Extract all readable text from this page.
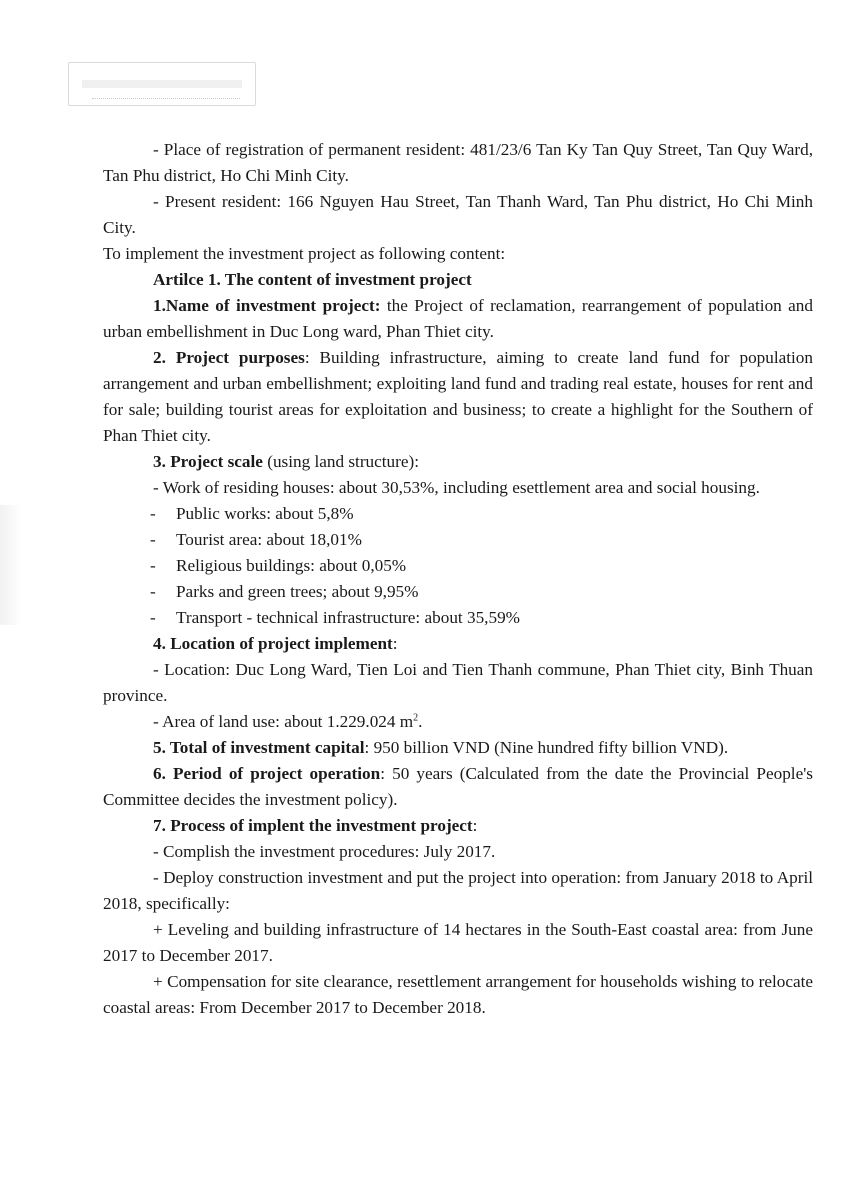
- Place of registration of permanent resident: 481/23/6 Tan Ky Tan Quy Street, Tan Quy Ward, Tan Phu district, Ho Chi Minh City.

- Present resident: 166 Nguyen Hau Street, Tan Thanh Ward, Tan Phu district, Ho Chi Minh City.

To implement the investment project as following content:

Artilce 1. The content of investment project

1.Name of investment project: the Project of reclamation, rearrangement of population and urban embellishment in Duc Long ward, Phan Thiet city.

2. Project purposes: Building infrastructure, aiming to create land fund for population arrangement and urban embellishment; exploiting land fund and trading real estate, houses for rent and for sale; building tourist areas for exploitation and business; to create a highlight for the Southern of Phan Thiet city.

3. Project scale (using land structure):

- Work of residing houses: about 30,53%, including esettlement area and social housing.

- Public works: about 5,8%

- Tourist area: about 18,01%

- Religious buildings: about 0,05%

- Parks and green trees; about 9,95%

- Transport - technical infrastructure: about 35,59%

4. Location of project implement:

- Location: Duc Long Ward, Tien Loi and Tien Thanh commune, Phan Thiet city, Binh Thuan province.

- Area of land use: about 1.229.024 $m^2$.

5. Total of investment capital: 950 billion VND (Nine hundred fifty billion VND).

6. Period of project operation: 50 years (Calculated from the date the Provincial People's Committee decides the investment policy).

7. Process of implent the investment project:

- Complish the investment procedures: July 2017.

- Deploy construction investment and put the project into operation: from January 2018 to April 2018, specifically:

+ Leveling and building infrastructure of 14 hectares in the South-East coastal area: from June 2017 to December 2017.

+ Compensation for site clearance, resettlement arrangement for households wishing to relocate coastal areas: From December 2017 to December 2018.
